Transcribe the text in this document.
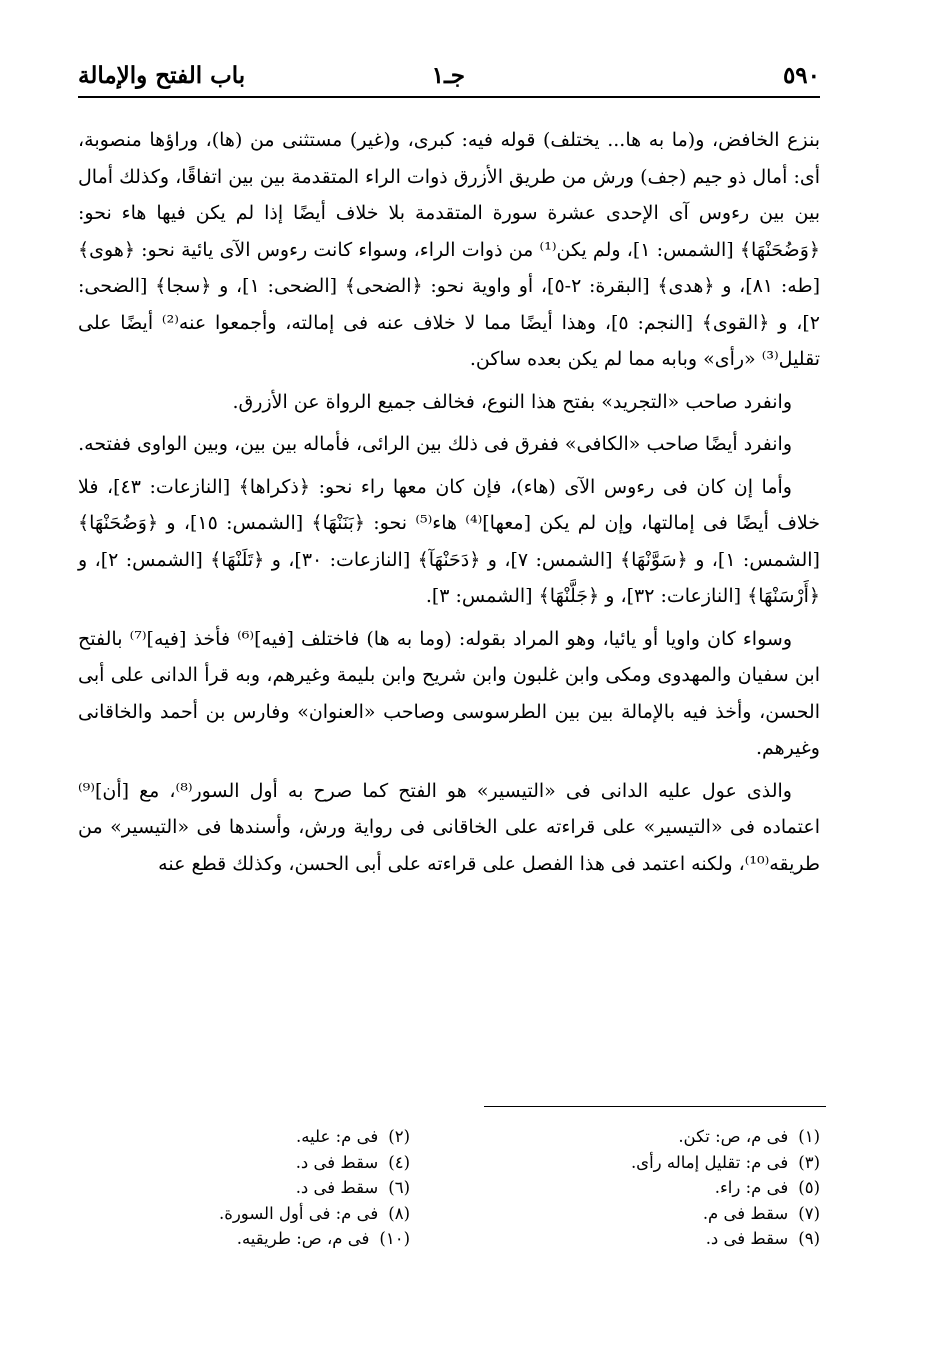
٥٩٠
جـ١
باب الفتح والإمالة

بنزع الخافض، و(ما به ها... يختلف) قوله فيه: كبرى، و(غير) مستثنى من (ها)، وراؤها منصوبة، أى: أمال ذو جيم (جف) ورش من طريق الأزرق ذوات الراء المتقدمة بين بين اتفاقًا، وكذلك أمال بين بين رءوس آى الإحدى عشرة سورة المتقدمة بلا خلاف أيضًا إذا لم يكن فيها هاء نحو: ﴿وَضُحَنْهَا﴾ [الشمس: ١]، ولم يكن⁽¹⁾ من ذوات الراء، وسواء كانت رءوس الآى يائية نحو: ﴿هوى﴾ [طه: ٨١]، و ﴿هدى﴾ [البقرة: ٢-٥]، أو واوية نحو: ﴿الضحى﴾ [الضحى: ١]، و ﴿سجا﴾ [الضحى: ٢]، و ﴿القوى﴾ [النجم: ٥]، وهذا أيضًا مما لا خلاف عنه فى إمالته، وأجمعوا عنه⁽²⁾ أيضًا على تقليل⁽³⁾ «رأى» وبابه مما لم يكن بعده ساكن.

وانفرد صاحب «التجريد» بفتح هذا النوع، فخالف جميع الرواة عن الأزرق.

وانفرد أيضًا صاحب «الكافى» ففرق فى ذلك بين الرائى، فأماله بين بين، وبين الواوى ففتحه.

وأما إن كان فى رءوس الآى (هاء)، فإن كان معها راء نحو: ﴿ذكراها﴾ [النازعات: ٤٣]، فلا خلاف أيضًا فى إمالتها، وإن لم يكن [معها]⁽⁴⁾ هاء⁽⁵⁾ نحو: ﴿بَنَنْهَا﴾ [الشمس: ١٥]، و ﴿وَضُحَنْهَا﴾ [الشمس: ١]، و ﴿سَوَّنْهَا﴾ [الشمس: ٧]، و ﴿دَحَنْهَآ﴾ [النازعات: ٣٠]، و ﴿تَلَنْهَا﴾ [الشمس: ٢]، و ﴿أَرْسَنْهَا﴾ [النازعات: ٣٢]، و ﴿جَلَّنْهَا﴾ [الشمس: ٣].

وسواء كان واويا أو يائيا، وهو المراد بقوله: (وما به ها) فاختلف [فيه]⁽⁶⁾ فأخذ [فيه]⁽⁷⁾ بالفتح ابن سفيان والمهدوى ومكى وابن غلبون وابن شريح وابن بليمة وغيرهم، وبه قرأ الدانى على أبى الحسن، وأخذ فيه بالإمالة بين بين الطرسوسى وصاحب «العنوان» وفارس بن أحمد والخاقانى وغيرهم.

والذى عول عليه الدانى فى «التيسير» هو الفتح كما صرح به أول السور⁽⁸⁾، مع [أن]⁽⁹⁾ اعتماده فى «التيسير» على قراءته على الخاقانى فى رواية ورش، وأسندها فى «التيسير» من طريقه⁽¹⁰⁾، ولكنه اعتمد فى هذا الفصل على قراءته على أبى الحسن، وكذلك قطع عنه

(١)فى م، ص: تكن.
(٣)فى م: تقليل إماله رأى.
(٥)فى م: راء.
(٧)سقط فى م.
(٩)سقط فى د.
(٢)فى م: عليه.
(٤)سقط فى د.
(٦)سقط فى د.
(٨)فى م: فى أول السورة.
(١٠)فى م، ص: طريقيه.
